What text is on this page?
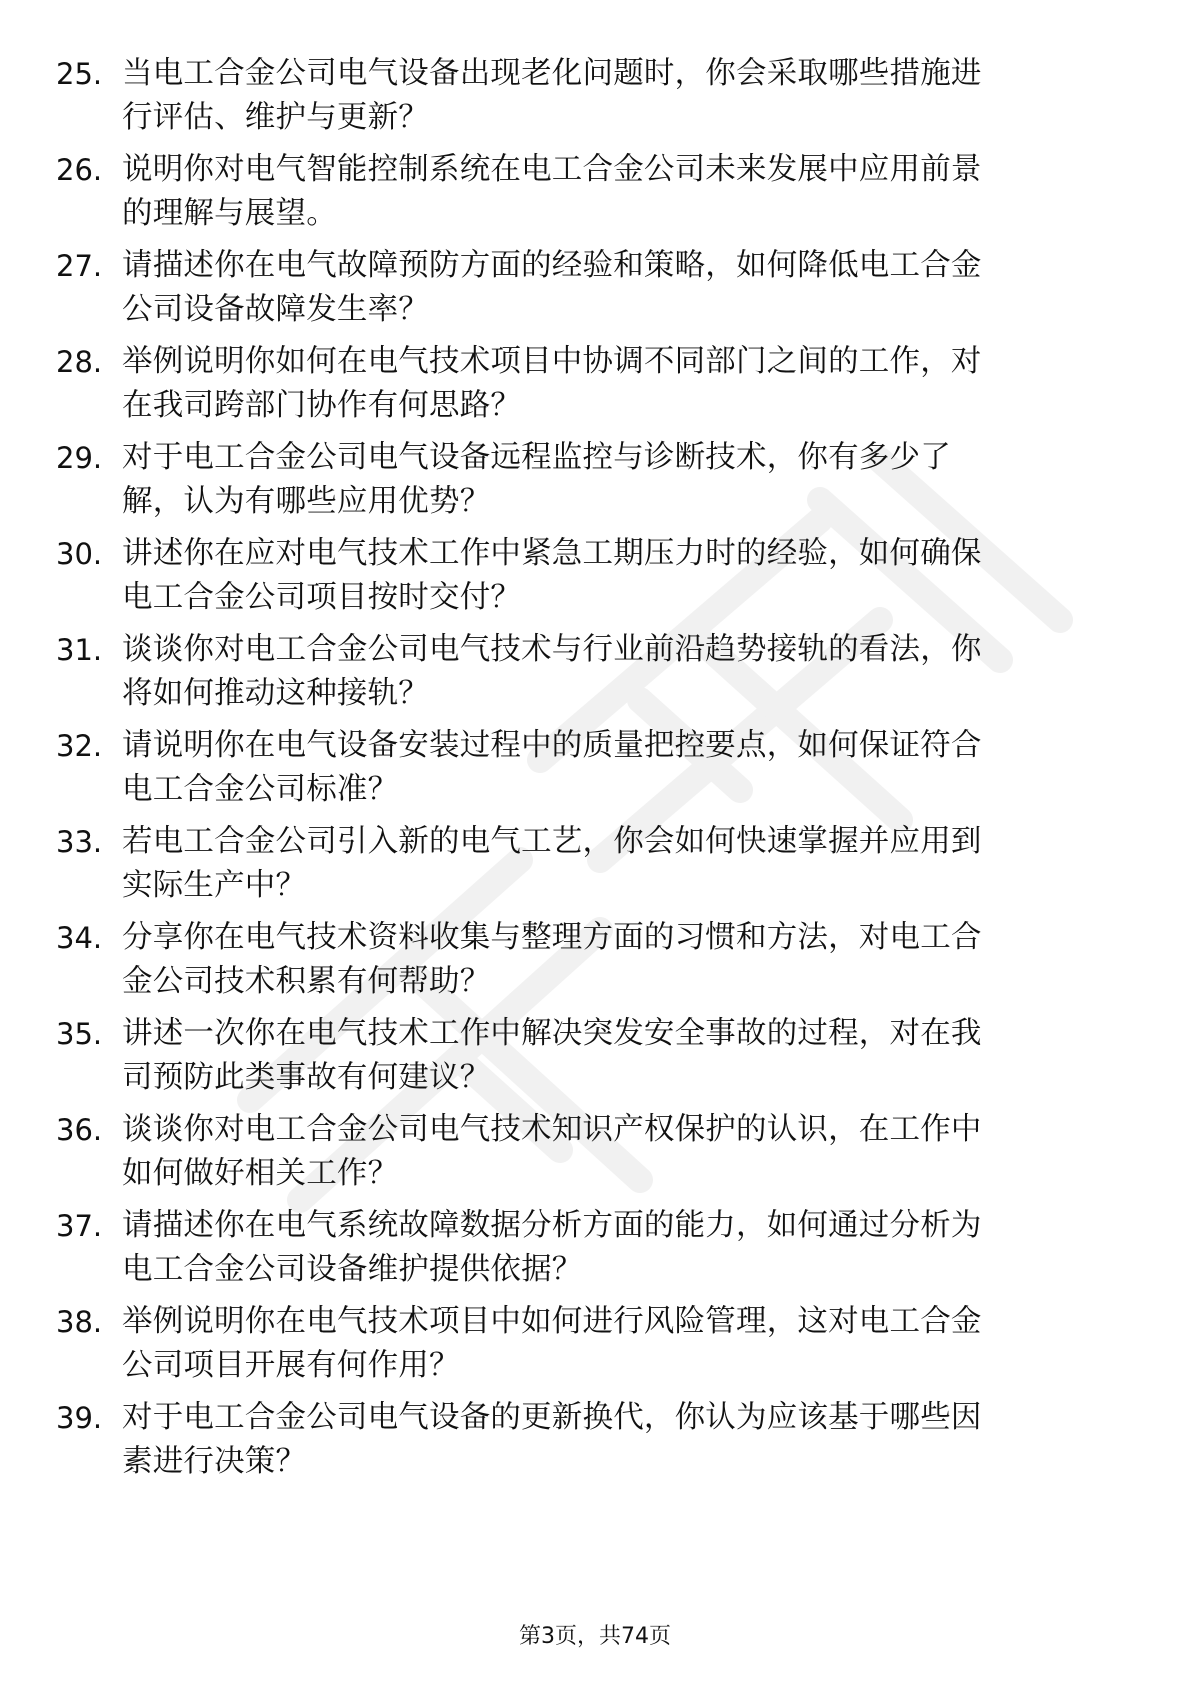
25. 当电工合金公司电气设备出现老化问题时，你会采取哪些措施进
行评估、维护与更新？
26. 说明你对电气智能控制系统在电工合金公司未来发展中应用前景
的理解与展望。
27. 请描述你在电气故障预防方面的经验和策略，如何降低电工合金
公司设备故障发生率？
28. 举例说明你如何在电气技术项目中协调不同部门之间的工作，对
在我司跨部门协作有何思路？
29. 对于电工合金公司电气设备远程监控与诊断技术，你有多少了
解，认为有哪些应用优势？
30. 讲述你在应对电气技术工作中紧急工期压力时的经验，如何确保
电工合金公司项目按时交付？
31. 谈谈你对电工合金公司电气技术与行业前沿趋势接轨的看法，你
将如何推动这种接轨？
32. 请说明你在电气设备安装过程中的质量把控要点，如何保证符合
电工合金公司标准？
33. 若电工合金公司引入新的电气工艺，你会如何快速掌握并应用到
实际生产中？
34. 分享你在电气技术资料收集与整理方面的习惯和方法，对电工合
金公司技术积累有何帮助？
35. 讲述一次你在电气技术工作中解决突发安全事故的过程，对在我
司预防此类事故有何建议？
36. 谈谈你对电工合金公司电气技术知识产权保护的认识，在工作中
如何做好相关工作？
37. 请描述你在电气系统故障数据分析方面的能力，如何通过分析为
电工合金公司设备维护提供依据？
38. 举例说明你在电气技术项目中如何进行风险管理，这对电工合金
公司项目开展有何作用？
39. 对于电工合金公司电气设备的更新换代，你认为应该基于哪些因
素进行决策？
第3页，共74页
